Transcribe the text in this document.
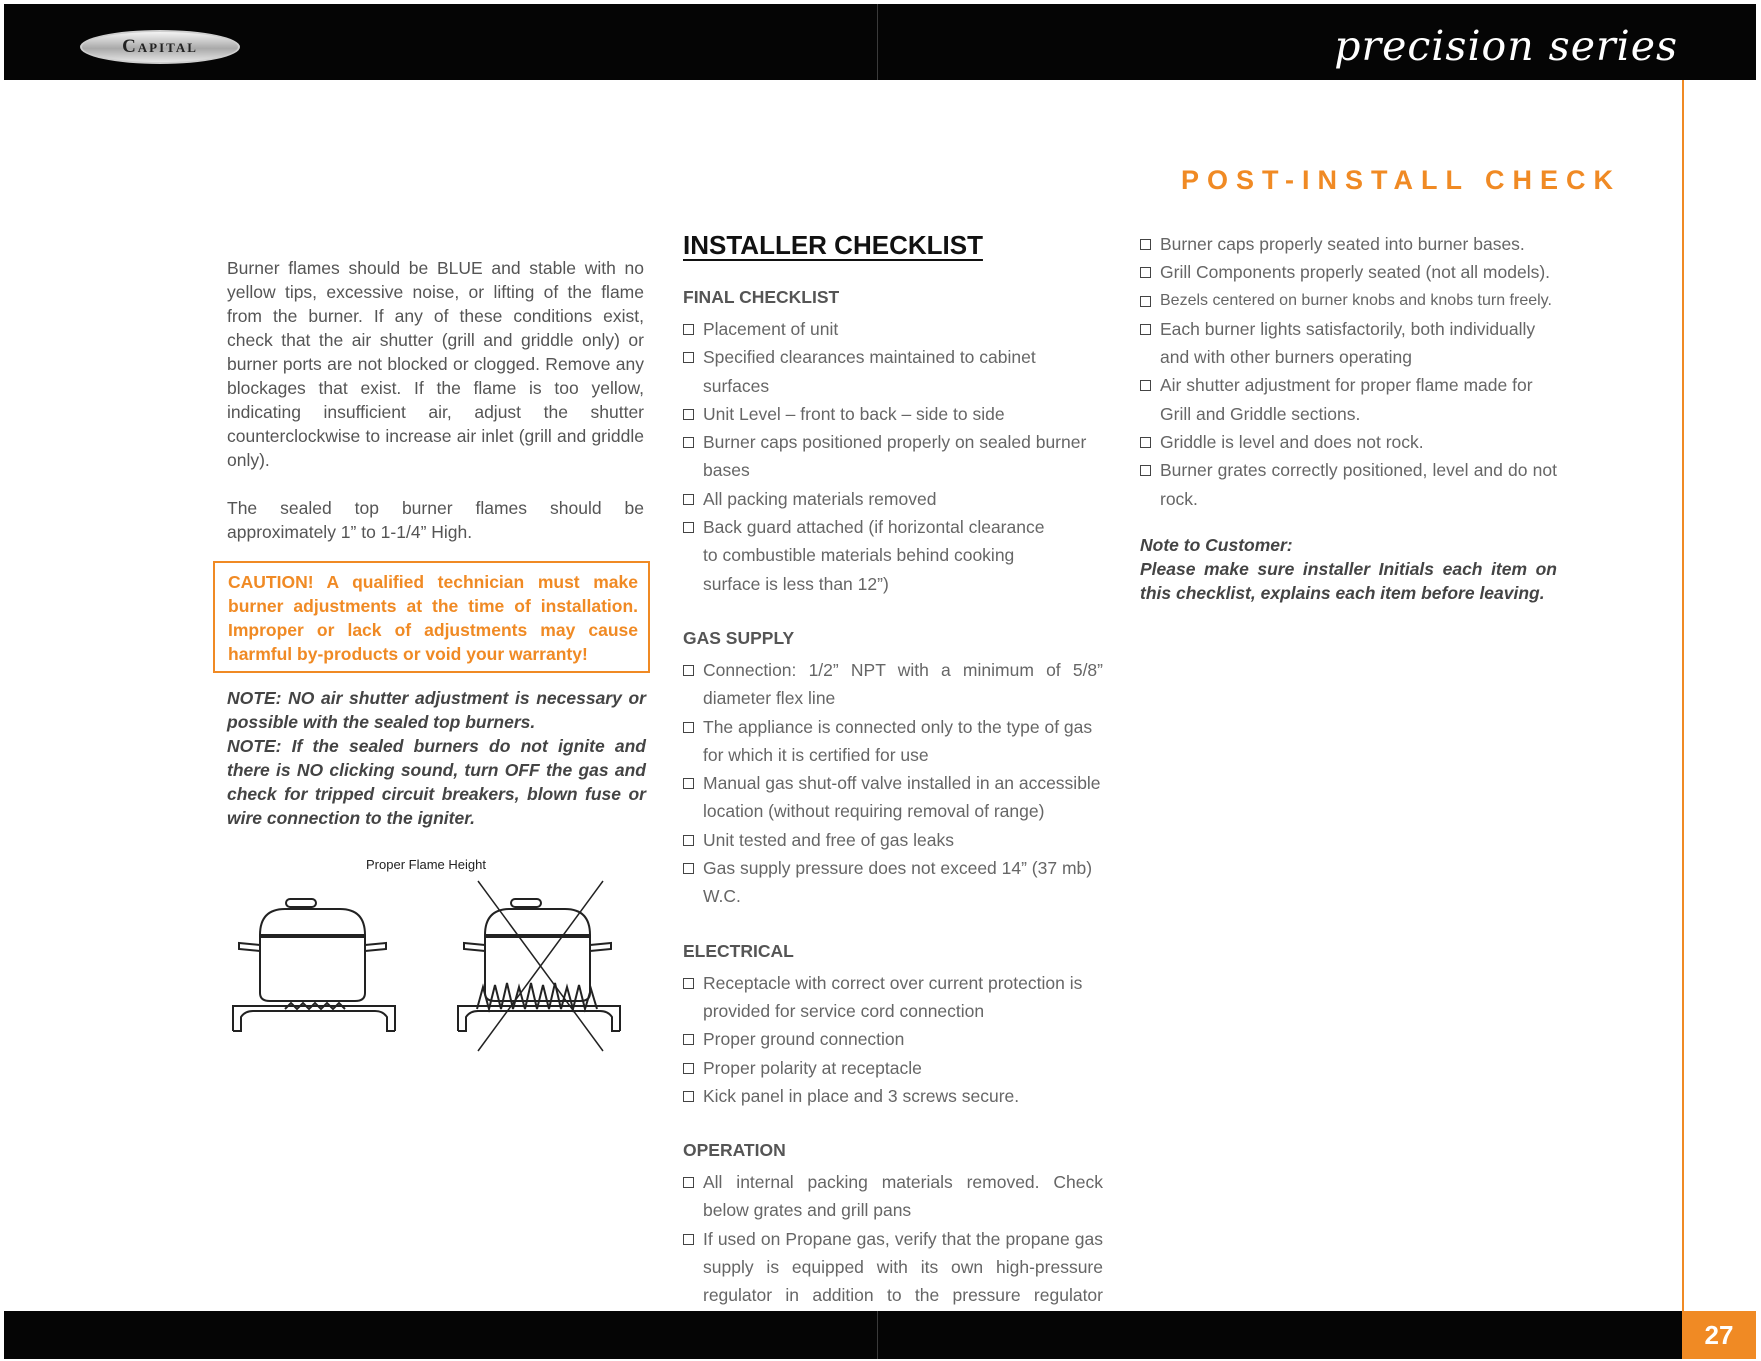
Capital	precision series
POST-INSTALL CHECK

Burner flames should be BLUE and stable with no yellow tips, excessive noise, or lifting of the flame from the burner. If any of these conditions exist, check that the air shutter (grill and griddle only) or burner ports are not blocked or clogged. Remove any blockages that exist. If the flame is too yellow, indicating insufficient air, adjust the shutter counterclockwise to increase air inlet (grill and griddle only).

The sealed top burner flames should be approximately 1” to 1-1/4” High.

CAUTION! A qualified technician must make burner adjustments at the time of installation. Improper or lack of adjustments may cause harmful by-products or void your warranty!

NOTE: NO air shutter adjustment is necessary or possible with the sealed top burners.

NOTE: If the sealed burners do not ignite and there is NO clicking sound, turn OFF the gas and check for tripped circuit breakers, blown fuse or wire connection to the igniter.

Proper Flame Height
INSTALLER CHECKLIST
FINAL CHECKLIST
Placement of unit
Specified clearances maintained to cabinet surfaces
Unit Level – front to back – side to side
Burner caps positioned properly on sealed burner bases
All packing materials removed
Back guard attached (if horizontal clearance to combustible materials behind cooking surface is less than 12”)
GAS SUPPLY
Connection: 1/2” NPT with a minimum of 5/8” diameter flex line
The appliance is connected only to the type of gas for which it is certified for use
Manual gas shut-off valve installed in an accessible location (without requiring removal of range)
Unit tested and free of gas leaks
Gas supply pressure does not exceed 14” (37 mb) W.C.
ELECTRICAL
Receptacle with correct over current protection is provided for service cord connection
Proper ground connection
Proper polarity at receptacle
Kick panel in place and 3 screws secure.
OPERATION
All internal packing materials removed. Check below grates and grill pans
If used on Propane gas, verify that the propane gas supply is equipped with its own high-pressure regulator in addition to the pressure regulator
Burner caps properly seated into burner bases.
Grill Components properly seated (not all models).
Bezels centered on burner knobs and knobs turn freely.
Each burner lights satisfactorily, both individually and with other burners operating
Air shutter adjustment for proper flame made for Grill and Griddle sections.
Griddle is level and does not rock.
Burner grates correctly positioned, level and do not rock.
Note to Customer:
Please make sure installer Initials each item on this checklist, explains each item before leaving.
27
